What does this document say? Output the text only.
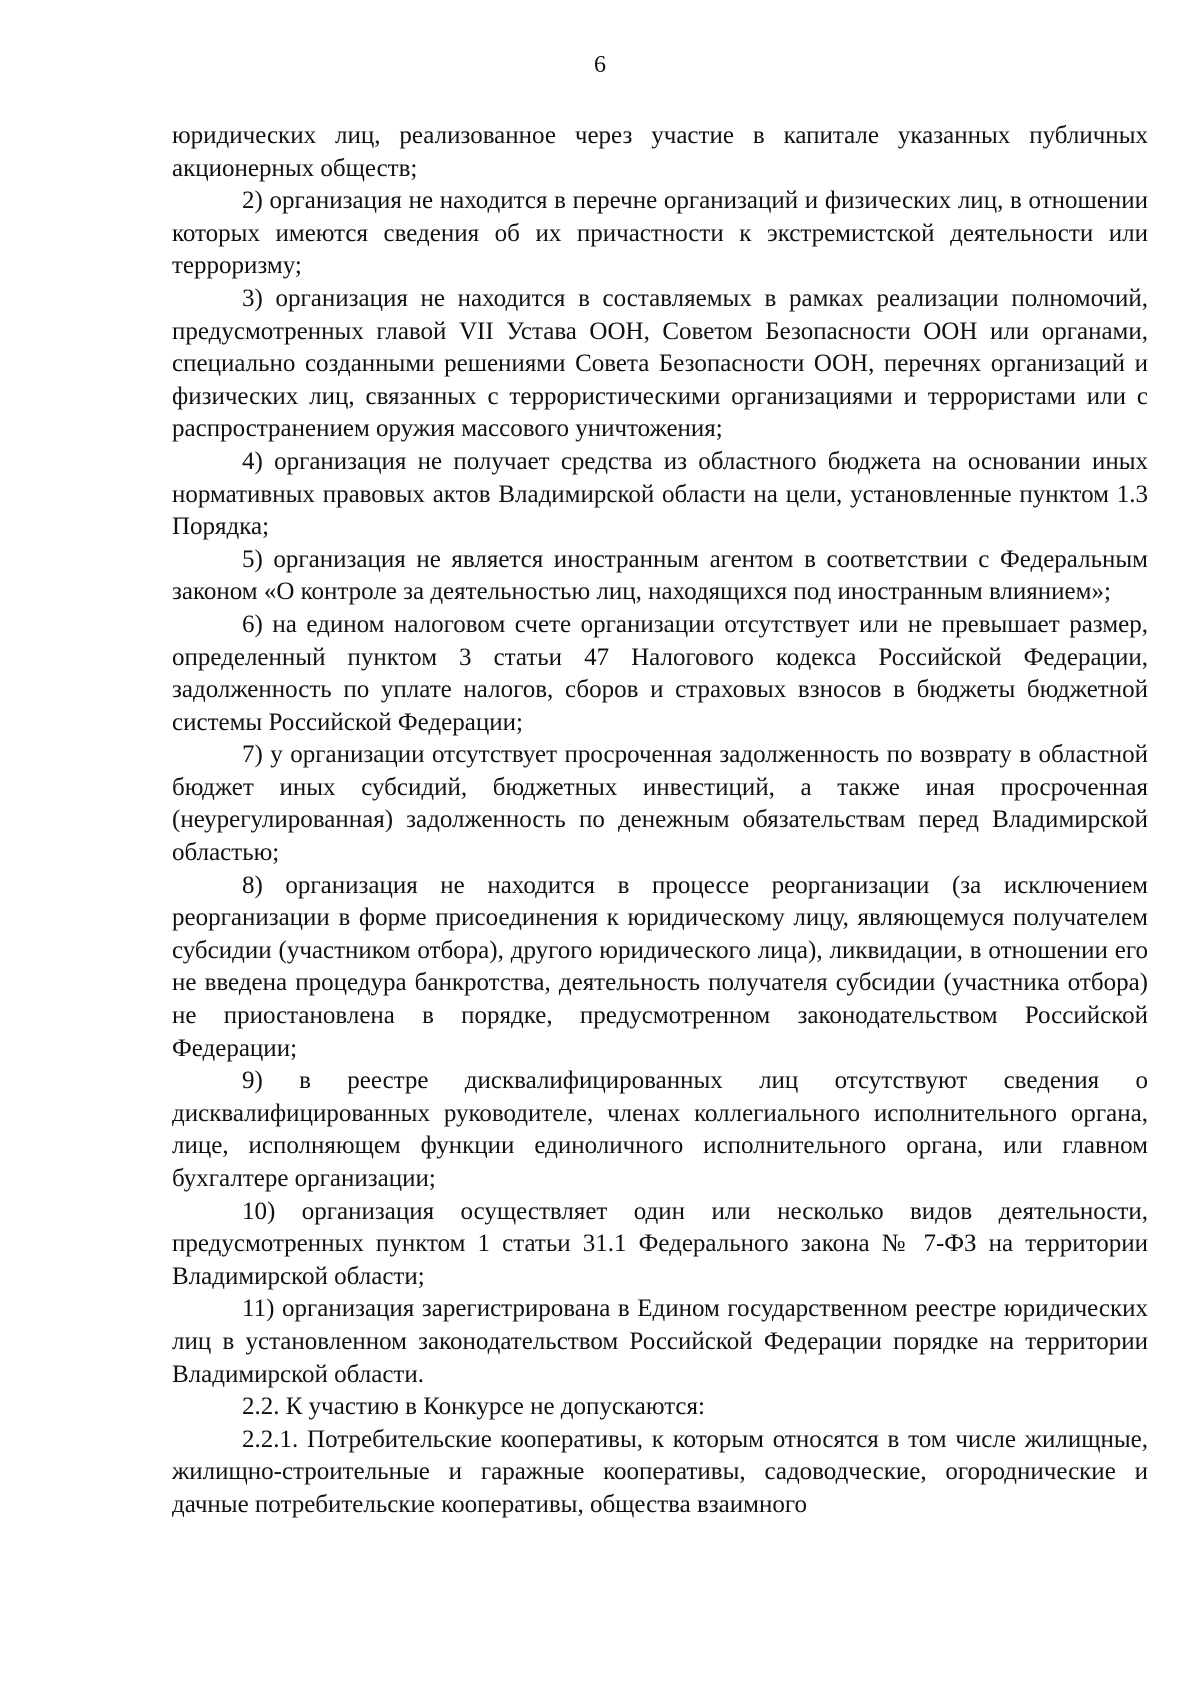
6

юридических лиц, реализованное через участие в капитале указанных публичных акционерных обществ;

2) организация не находится в перечне организаций и физических лиц, в отношении которых имеются сведения об их причастности к экстремистской деятельности или терроризму;

3) организация не находится в составляемых в рамках реализации полномочий, предусмотренных главой VII Устава ООН, Советом Безопасности ООН или органами, специально созданными решениями Совета Безопасности ООН, перечнях организаций и физических лиц, связанных с террористическими организациями и террористами или с распространением оружия массового уничтожения;

4) организация не получает средства из областного бюджета на основании иных нормативных правовых актов Владимирской области на цели, установленные пунктом 1.3 Порядка;

5) организация не является иностранным агентом в соответствии с Федеральным законом «О контроле за деятельностью лиц, находящихся под иностранным влиянием»;

6) на едином налоговом счете организации отсутствует или не превышает размер, определенный пунктом 3 статьи 47 Налогового кодекса Российской Федерации, задолженность по уплате налогов, сборов и страховых взносов в бюджеты бюджетной системы Российской Федерации;

7) у организации отсутствует просроченная задолженность по возврату в областной бюджет иных субсидий, бюджетных инвестиций, а также иная просроченная (неурегулированная) задолженность по денежным обязательствам перед Владимирской областью;

8) организация не находится в процессе реорганизации (за исключением реорганизации в форме присоединения к юридическому лицу, являющемуся получателем субсидии (участником отбора), другого юридического лица), ликвидации, в отношении его не введена процедура банкротства, деятельность получателя субсидии (участника отбора) не приостановлена в порядке, предусмотренном законодательством Российской Федерации;

9) в реестре дисквалифицированных лиц отсутствуют сведения о дисквалифицированных руководителе, членах коллегиального исполнительного органа, лице, исполняющем функции единоличного исполнительного органа, или главном бухгалтере организации;

10) организация осуществляет один или несколько видов деятельности, предусмотренных пунктом 1 статьи 31.1 Федерального закона № 7-ФЗ на территории Владимирской области;

11) организация зарегистрирована в Едином государственном реестре юридических лиц в установленном законодательством Российской Федерации порядке на территории Владимирской области.

2.2. К участию в Конкурсе не допускаются:

2.2.1. Потребительские кооперативы, к которым относятся в том числе жилищные, жилищно-строительные и гаражные кооперативы, садоводческие, огороднические и дачные потребительские кооперативы, общества взаимного
